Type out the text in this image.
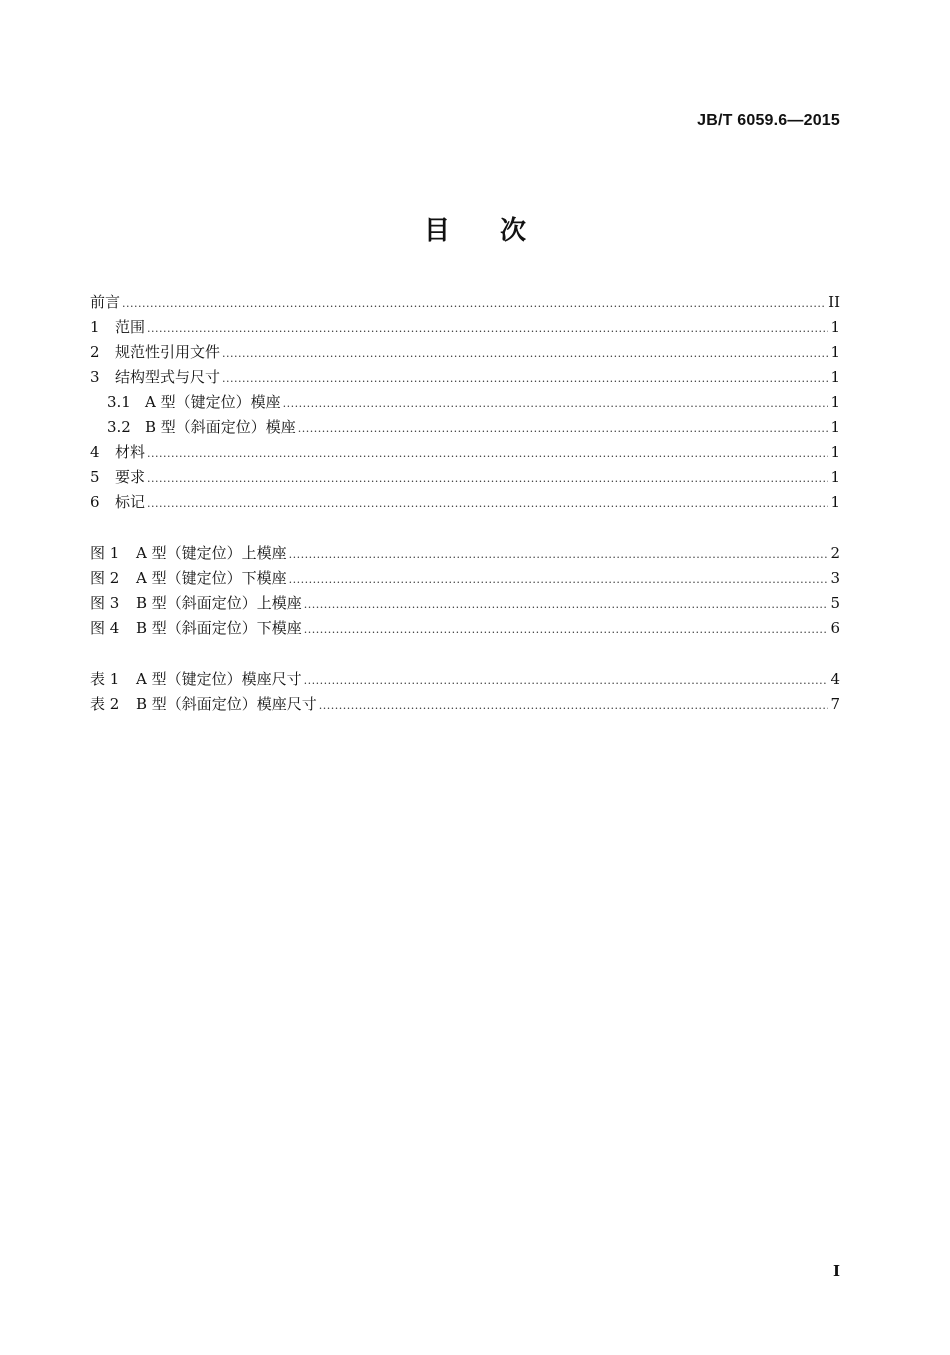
JB/T 6059.6—2015
目 次
前言 .....	II
1	范围 .....	1
2	规范性引用文件 .....	1
3	结构型式与尺寸 .....	1
3.1 A 型（键定位）模座 .....	1
3.2 B 型（斜面定位）模座 .....	1
4	材料 .....	1
5	要求 .....	1
6	标记 .....	1
图 1	A 型（键定位）上模座 .....	2
图 2	A 型（键定位）下模座 .....	3
图 3	B 型（斜面定位）上模座 .....	5
图 4	B 型（斜面定位）下模座 .....	6
表 1	A 型（键定位）模座尺寸 .....	4
表 2	B 型（斜面定位）模座尺寸 .....	7
I
